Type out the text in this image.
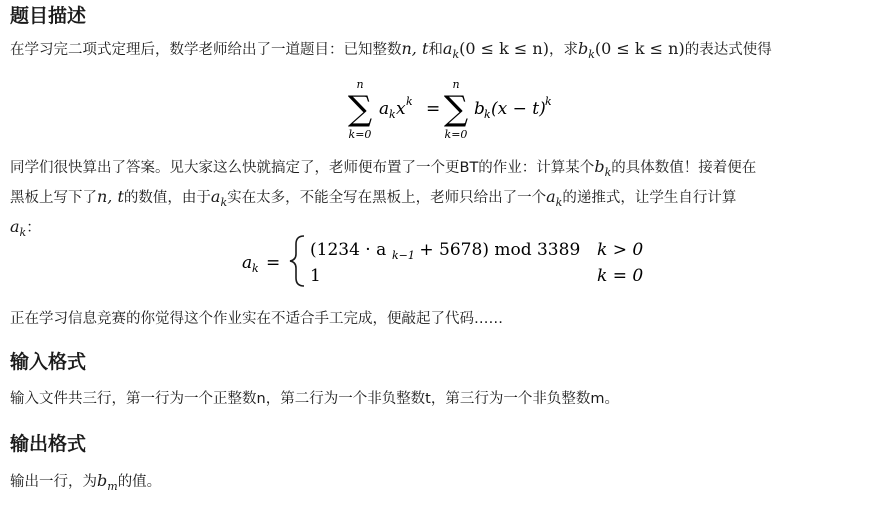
题目描述

在学习完二项式定理后，数学老师给出了一道题目：已知整数n, t和$a_k(0 \le k \le n)$，求$b_k(0 \le k \le n)$的表达式使得

n
∑
k=0
a k x k =
n
∑
k=0
b k (x − t) k

同学们很快算出了答案。见大家这么快就搞定了，老师便布置了一个更BT的作业：计算某个$b_k$的具体数值！接着便在
黑板上写下了n, t的数值，由于$a_k$实在太多，不能全写在黑板上，老师只给出了一个$a_k$的递推式，让学生自行计算
$a_k$：

a k =
(1234 · a k−1 + 5678) mod 3389 k > 0
1	k = 0

正在学习信息竞赛的你觉得这个作业实在不适合手工完成，便敲起了代码……

输入格式

输入文件共三行，第一行为一个正整数n，第二行为一个非负整数t，第三行为一个非负整数m。

输出格式

输出一行，为$b_m$的值。
